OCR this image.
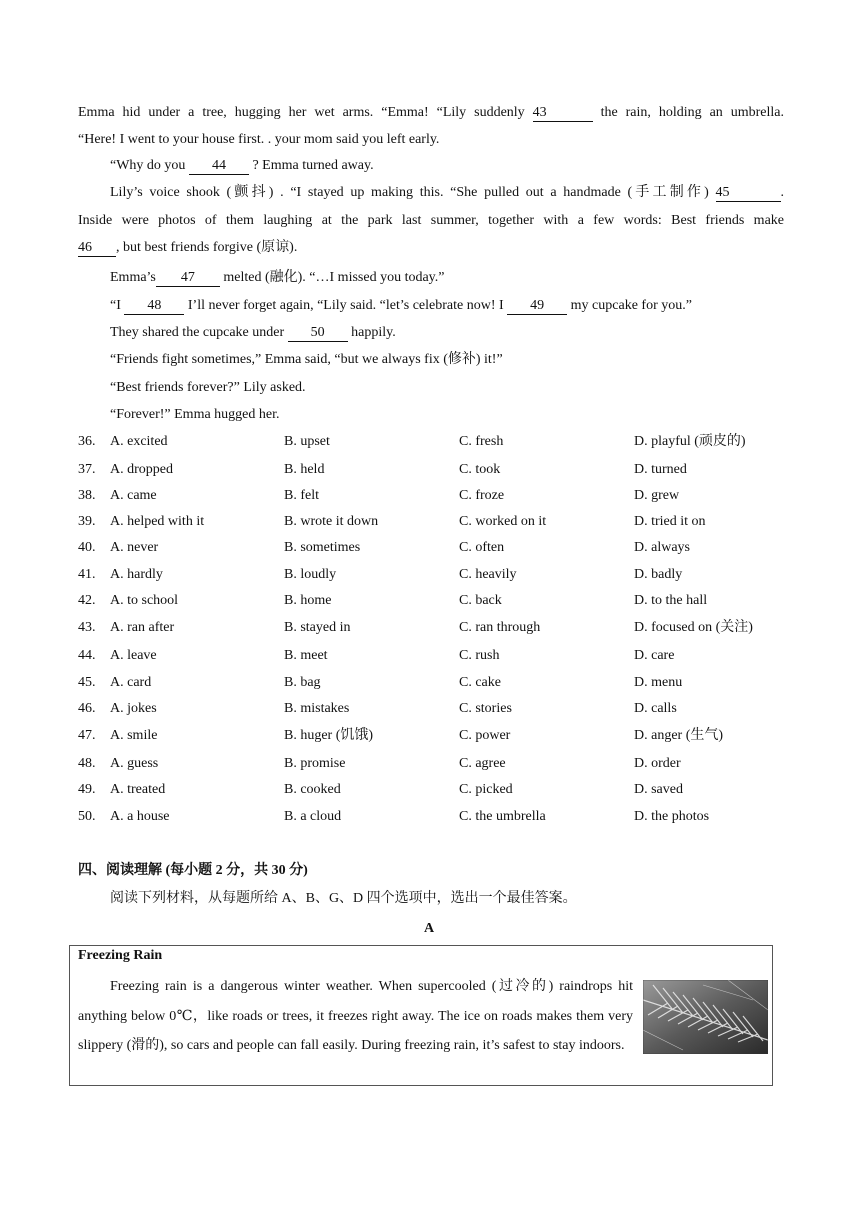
Emma hid under a tree, hugging her wet arms. “Emma! “Lily suddenly 43	the rain, holding an umbrella.
“Here! I went to your house first. . your mom said you left early.
“Why do you 44 ? Emma turned away.
Lily’s voice shook (颤抖) . “I stayed up making this. “She pulled out a handmade (手工制作) 45	.
Inside were photos of them laughing at the park last summer, together with a few words: Best friends make
46 , but best friends forgive (原谅).
Emma’s 47 melted (融化). “…I missed you today.”
“I 48 I’ll never forget again, “Lily said. “let’s celebrate now! I 49 my cupcake for you.”
They shared the cupcake under 50 happily.
“Friends fight sometimes,” Emma said, “but we always fix (修补) it!”
“Best friends forever?” Lily asked.
“Forever!” Emma hugged her.
36. A. excited	B. upset	C. fresh	D. playful (顽皮的)
37. A. dropped	B. held	C. took	D. turned
38. A. came	B. felt	C. froze	D. grew
39. A. helped with it	B. wrote it down	C. worked on it	D. tried it on
40. A. never	B. sometimes	C. often	D. always
41. A. hardly	B. loudly	C. heavily	D. badly
42. A. to school	B. home	C. back	D. to the hall
43. A. ran after	B. stayed in	C. ran through	D. focused on (关注)
44. A. leave	B. meet	C. rush	D. care
45. A. card	B. bag	C. cake	D. menu
46. A. jokes	B. mistakes	C. stories	D. calls
47. A. smile	B. huger (饥饿)	C. power	D. anger (生气)
48. A. guess	B. promise	C. agree	D. order
49. A. treated	B. cooked	C. picked	D. saved
50. A. a house	B. a cloud	C. the umbrella	D. the photos
四、阅读理解 (每小题 2 分，共 30 分)
阅读下列材料，从每题所给 A、B、G、D 四个选项中，选出一个最佳答案。
A
Freezing Rain
Freezing rain is a dangerous winter weather. When supercooled (过冷的) raindrops hit anything below 0℃，like roads or trees, it freezes right away. The ice on roads makes them very slippery (滑的), so cars and people can fall easily. During freezing rain, it’s safest to stay indoors.
